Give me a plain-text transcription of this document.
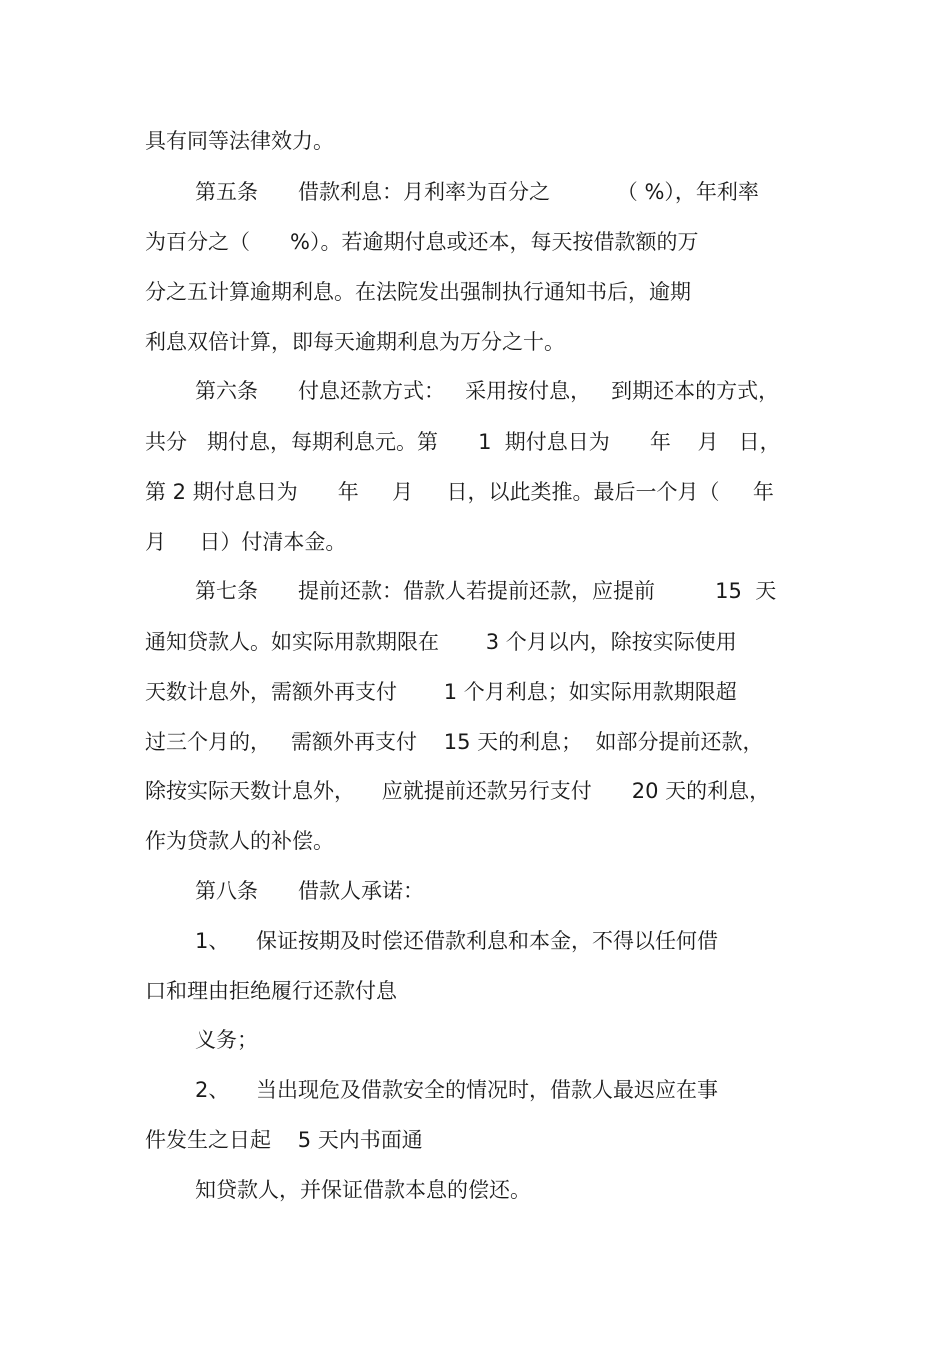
具有同等法律效力。
第五条      借款利息：月利率为百分之          （ %），年利率
为百分之（      %）。若逾期付息或还本，每天按借款额的万
分之五计算逾期利息。在法院发出强制执行通知书后，逾期
利息双倍计算，即每天逾期利息为万分之十。
第六条      付息还款方式：   采用按付息，   到期还本的方式，
共分   期付息，每期利息元。第      1  期付息日为      年    月   日，
第 2 期付息日为      年     月     日，以此类推。最后一个月（     年
月     日）付清本金。
第七条      提前还款：借款人若提前还款，应提前         15  天
通知贷款人。如实际用款期限在       3 个月以内，除按实际使用
天数计息外，需额外再支付       1 个月利息；如实际用款期限超
过三个月的，   需额外再支付    15 天的利息；  如部分提前还款，
除按实际天数计息外，    应就提前还款另行支付      20 天的利息，
作为贷款人的补偿。
第八条      借款人承诺：
1、    保证按期及时偿还借款利息和本金，不得以任何借
口和理由拒绝履行还款付息
义务；
2、    当出现危及借款安全的情况时，借款人最迟应在事
件发生之日起    5 天内书面通
知贷款人，并保证借款本息的偿还。
